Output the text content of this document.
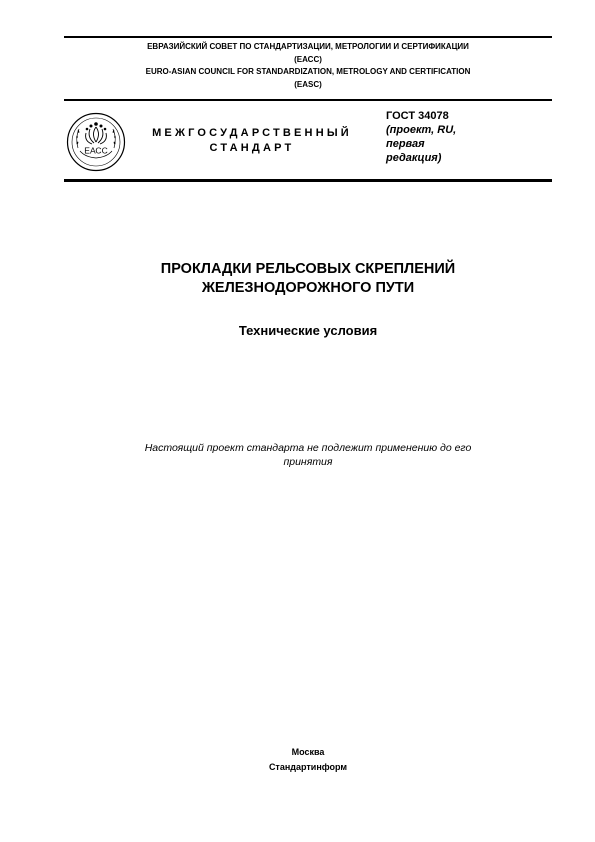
ЕВРАЗИЙСКИЙ СОВЕТ ПО СТАНДАРТИЗАЦИИ, МЕТРОЛОГИИ И СЕРТИФИКАЦИИ
(ЕАСС)
EURO-ASIAN COUNCIL FOR STANDARDIZATION, METROLOGY AND CERTIFICATION
(EASC)
ЕАСС
МЕЖГОСУДАРСТВЕННЫЙ
СТАНДАРТ
ГОСТ 34078
(проект, RU,
первая
редакция)
ПРОКЛАДКИ РЕЛЬСОВЫХ СКРЕПЛЕНИЙ
ЖЕЛЕЗНОДОРОЖНОГО ПУТИ
Технические условия
Настоящий проект стандарта не подлежит применению до его
принятия
Москва
Стандартинформ
